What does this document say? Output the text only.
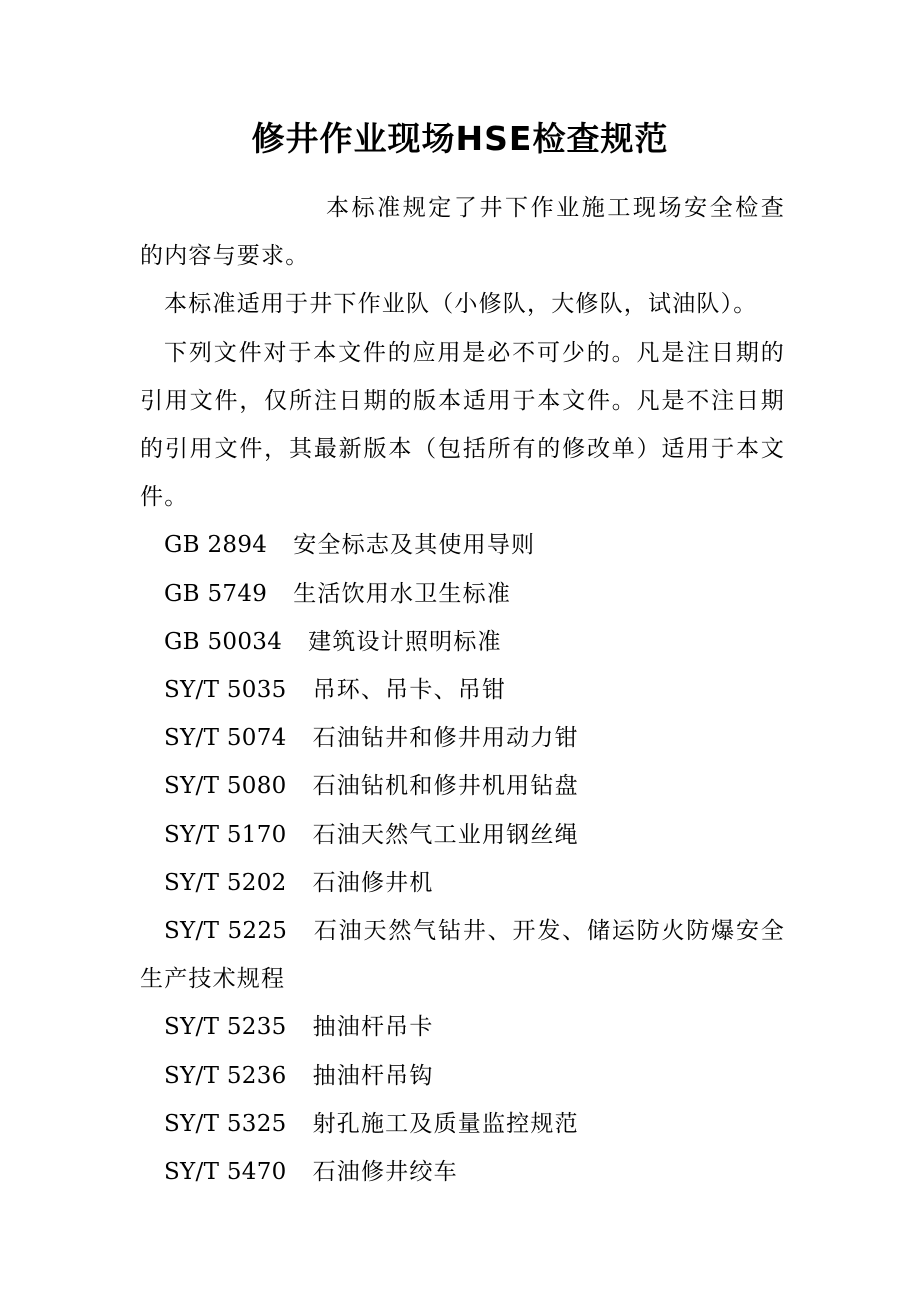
修井作业现场HSE检查规范

本标准规定了井下作业施工现场安全检查的内容与要求。

本标准适用于井下作业队（小修队，大修队，试油队）。

下列文件对于本文件的应用是必不可少的。凡是注日期的引用文件，仅所注日期的版本适用于本文件。凡是不注日期的引用文件，其最新版本（包括所有的修改单）适用于本文件。

GB 2894 安全标志及其使用导则

GB 5749 生活饮用水卫生标准

GB 50034 建筑设计照明标准

SY/T 5035 吊环、吊卡、吊钳

SY/T 5074 石油钻井和修井用动力钳

SY/T 5080 石油钻机和修井机用钻盘

SY/T 5170 石油天然气工业用钢丝绳

SY/T 5202 石油修井机

SY/T 5225 石油天然气钻井、开发、储运防火防爆安全生产技术规程

SY/T 5235 抽油杆吊卡

SY/T 5236 抽油杆吊钩

SY/T 5325 射孔施工及质量监控规范

SY/T 5470 石油修井绞车
